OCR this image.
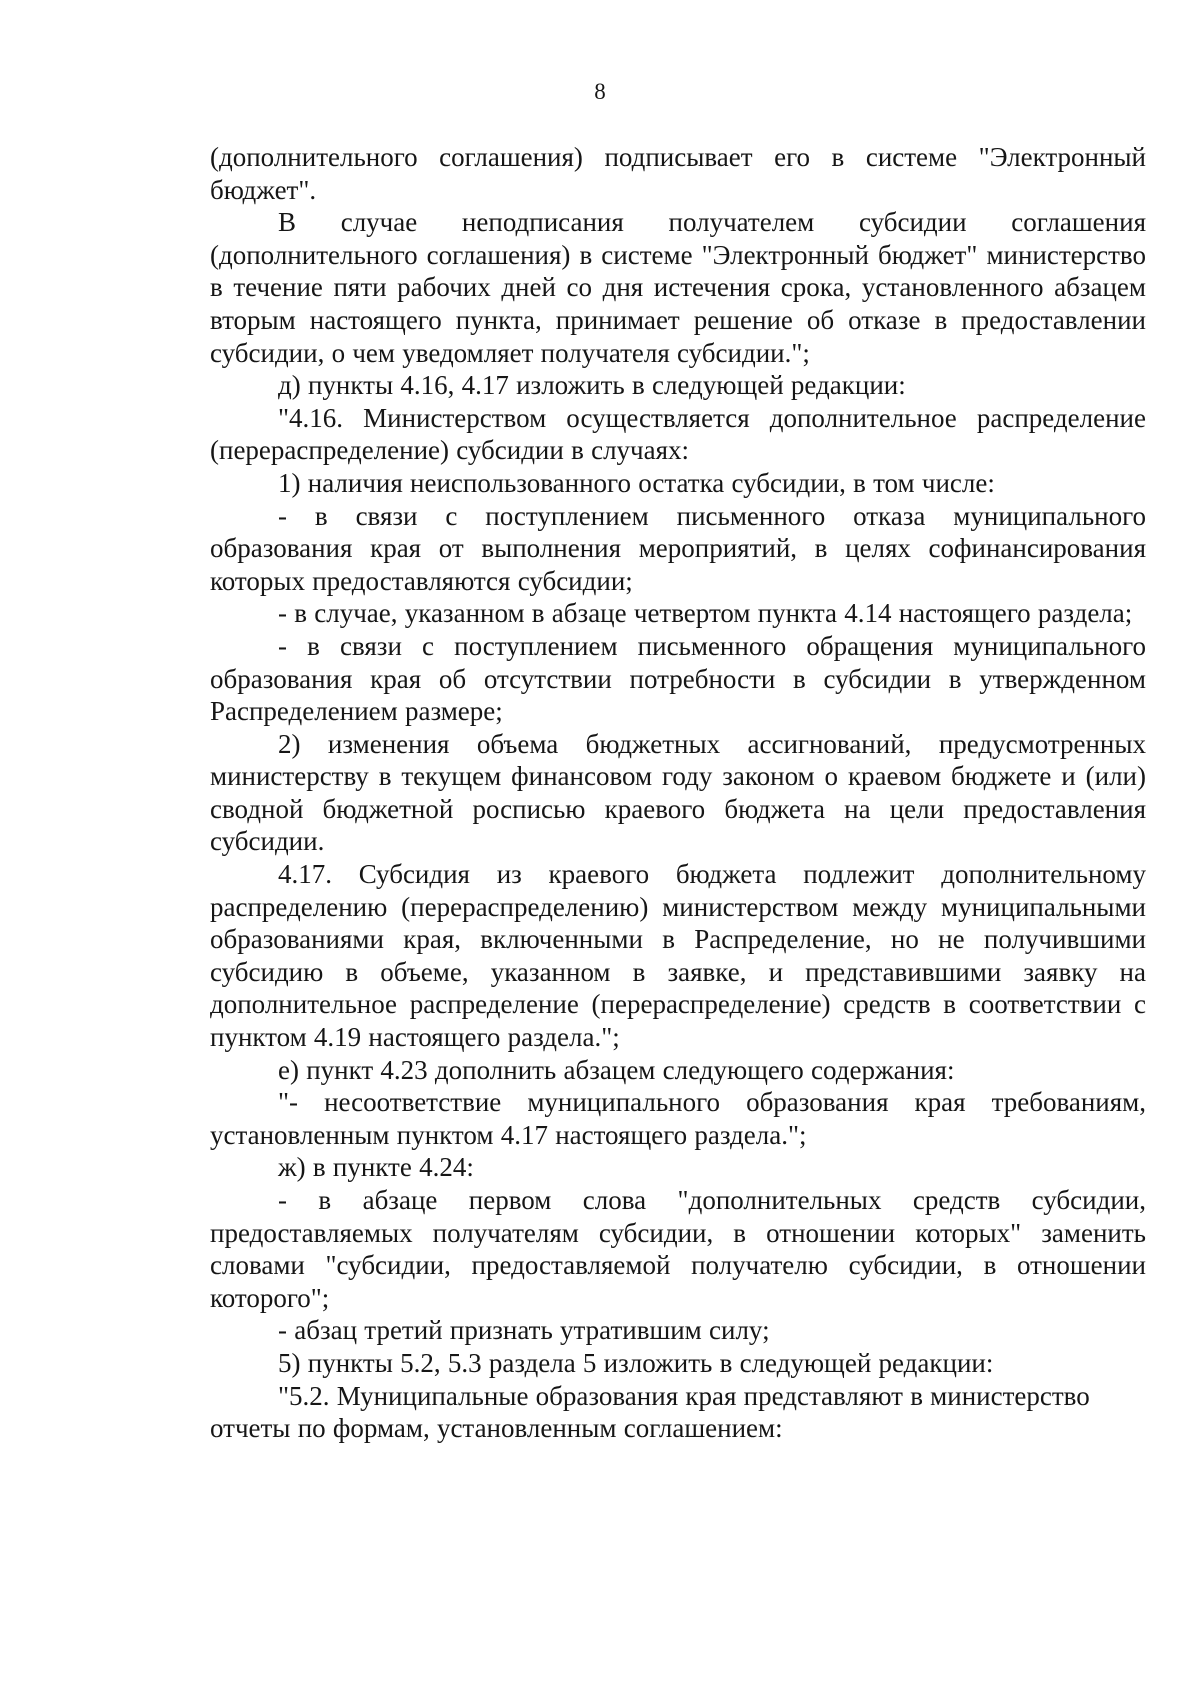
8

(дополнительного соглашения) подписывает его в системе "Электронный бюджет".

В случае неподписания получателем субсидии соглашения (дополнительного соглашения) в системе "Электронный бюджет" министерство в течение пяти рабочих дней со дня истечения срока, установленного абзацем вторым настоящего пункта, принимает решение об отказе в предоставлении субсидии, о чем уведомляет получателя субсидии.";

д) пункты 4.16, 4.17 изложить в следующей редакции:

"4.16. Министерством осуществляется дополнительное распределение (перераспределение) субсидии в случаях:

1) наличия неиспользованного остатка субсидии, в том числе:

- в связи с поступлением письменного отказа муниципального образования края от выполнения мероприятий, в целях софинансирования которых предоставляются субсидии;

- в случае, указанном в абзаце четвертом пункта 4.14 настоящего раздела;

- в связи с поступлением письменного обращения муниципального образования края об отсутствии потребности в субсидии в утвержденном Распределением размере;

2) изменения объема бюджетных ассигнований, предусмотренных министерству в текущем финансовом году законом о краевом бюджете и (или) сводной бюджетной росписью краевого бюджета на цели предоставления субсидии.

4.17. Субсидия из краевого бюджета подлежит дополнительному распределению (перераспределению) министерством между муниципальными образованиями края, включенными в Распределение, но не получившими субсидию в объеме, указанном в заявке, и представившими заявку на дополнительное распределение (перераспределение) средств в соответствии с пунктом 4.19 настоящего раздела.";

е) пункт 4.23 дополнить абзацем следующего содержания:

"- несоответствие муниципального образования края требованиям, установленным пунктом 4.17 настоящего раздела.";

ж) в пункте 4.24:

- в абзаце первом слова "дополнительных средств субсидии, предоставляемых получателям субсидии, в отношении которых" заменить словами "субсидии, предоставляемой получателю субсидии, в отношении которого";

- абзац третий признать утратившим силу;

5) пункты 5.2, 5.3 раздела 5 изложить в следующей редакции:

"5.2. Муниципальные образования края представляют в министерство отчеты по формам, установленным соглашением:
